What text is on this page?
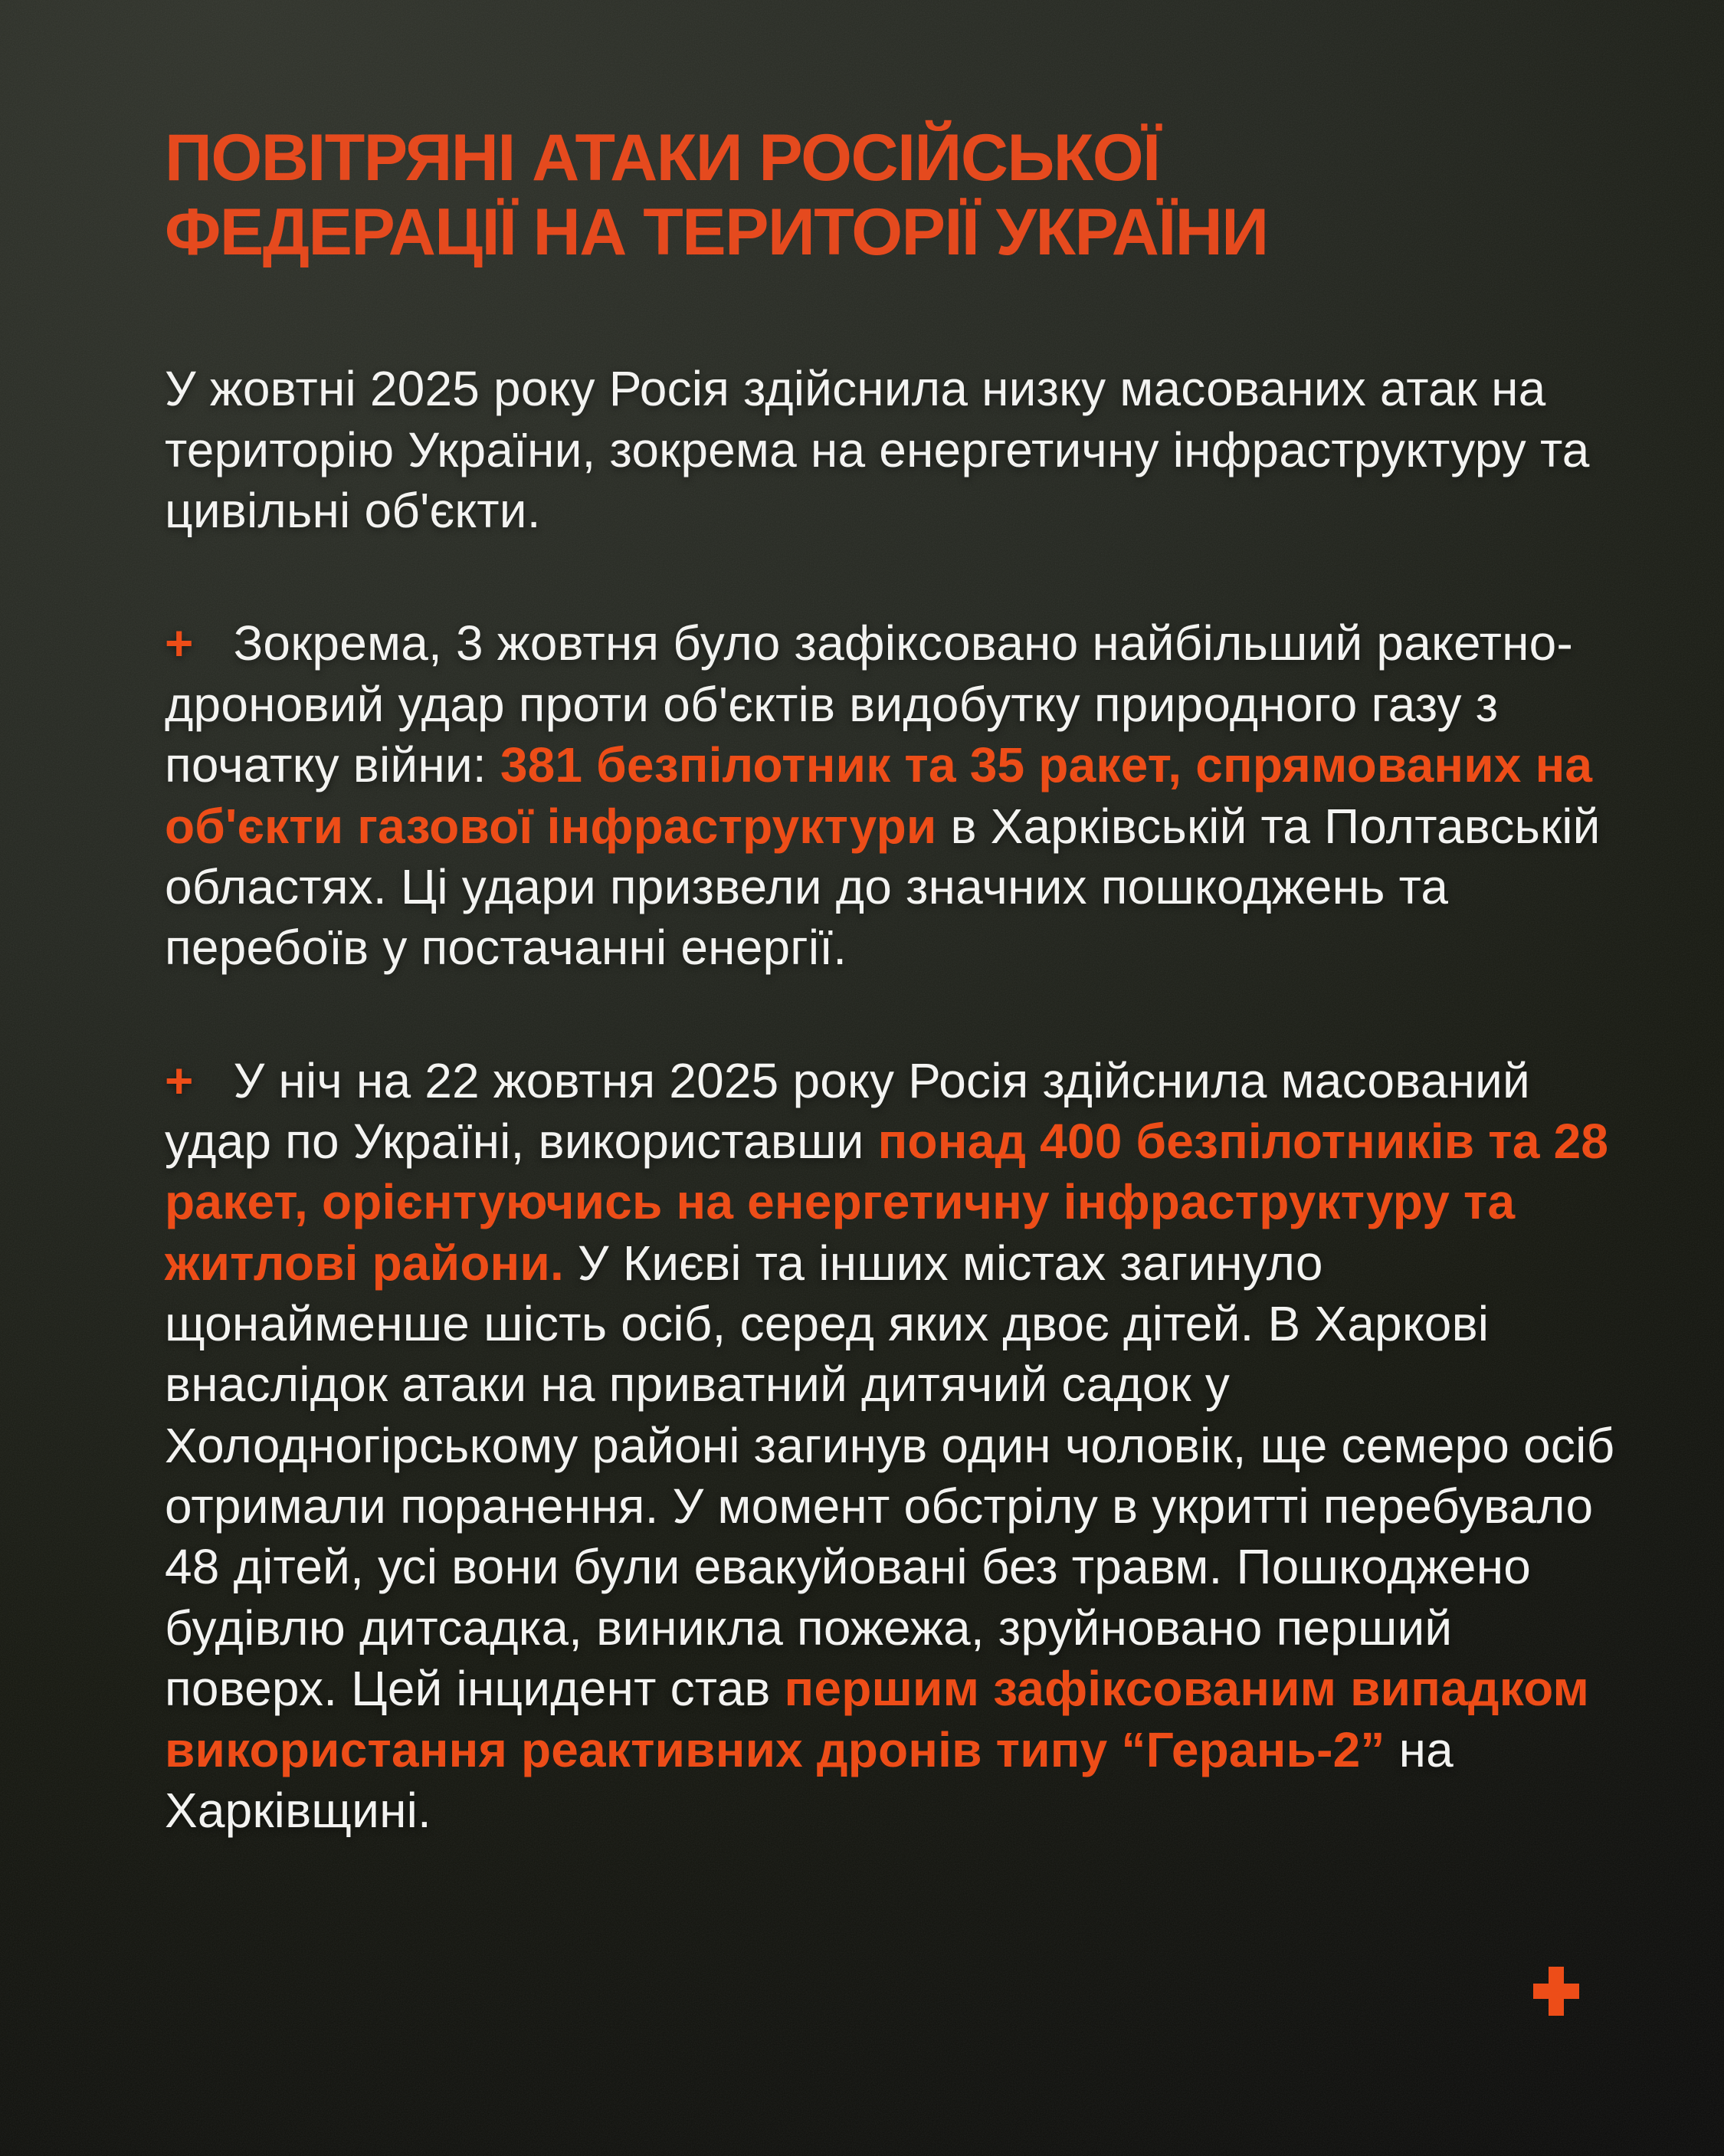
ПОВІТРЯНІ АТАКИ РОСІЙСЬКОЇ
ФЕДЕРАЦІЇ НА ТЕРИТОРІЇ УКРАЇНИ

У жовтні 2025 року Росія здійснила низку масованих атак на територію України, зокрема на енергетичну інфраструктуру та цивільні об'єкти.

+ Зокрема, 3 жовтня було зафіксовано найбільший ракетно-дроновий удар проти об'єктів видобутку природного газу з початку війни: 381 безпілотник та 35 ракет, спрямованих на об'єкти газової інфраструктури в Харківській та Полтавській областях. Ці удари призвели до значних пошкоджень та перебоїв у постачанні енергії.

+ У ніч на 22 жовтня 2025 року Росія здійснила масований удар по Україні, використавши понад 400 безпілотників та 28 ракет, орієнтуючись на енергетичну інфраструктуру та житлові райони. У Києві та інших містах загинуло щонайменше шість осіб, серед яких двоє дітей. В Харкові внаслідок атаки на приватний дитячий садок у Холодногірському районі загинув один чоловік, ще семеро осіб отримали поранення. У момент обстрілу в укритті перебувало 48 дітей, усі вони були евакуйовані без травм. Пошкоджено будівлю дитсадка, виникла пожежа, зруйновано перший поверх. Цей інцидент став першим зафіксованим випадком використання реактивних дронів типу “Герань-2” на Харківщині.
